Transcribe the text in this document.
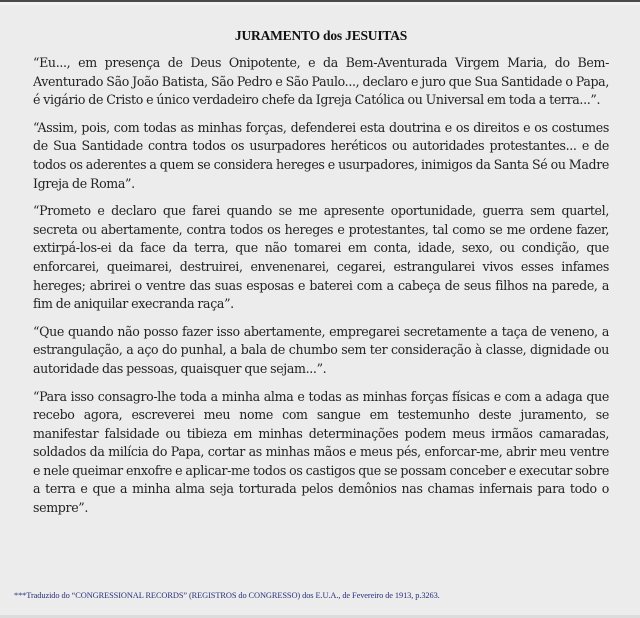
JURAMENTO dos JESUITAS

“Eu..., em presença de Deus Onipotente, e da Bem-Aventurada Virgem Maria, do Bem-Aventurado São João Batista, São Pedro e São Paulo..., declaro e juro que Sua Santidade o Papa, é vigário de Cristo e único verdadeiro chefe da Igreja Católica ou Universal em toda a terra...”.

“Assim, pois, com todas as minhas forças, defenderei esta doutrina e os direitos e os costumes de Sua Santidade contra todos os usurpadores heréticos ou autoridades protestantes... e de todos os aderentes a quem se considera hereges e usurpadores, inimigos da Santa Sé ou Madre Igreja de Roma”.

“Prometo e declaro que farei quando se me apresente oportunidade, guerra sem quartel, secreta ou abertamente, contra todos os hereges e protestantes, tal como se me ordene fazer, extirpá-los-ei da face da terra, que não tomarei em conta, idade, sexo, ou condição, que enforcarei, queimarei, destruirei, envenenarei, cegarei, estrangularei vivos esses infames hereges; abrirei o ventre das suas esposas e baterei com a cabeça de seus filhos na parede, a fim de aniquilar execranda raça”.

“Que quando não posso fazer isso abertamente, empregarei secretamente a taça de veneno, a estrangulação, a aço do punhal, a bala de chumbo sem ter consideração à classe, dignidade ou autoridade das pessoas, quaisquer que sejam...”.

“Para isso consagro-lhe toda a minha alma e todas as minhas forças físicas e com a adaga que recebo agora, escreverei meu nome com sangue em testemunho deste juramento, se manifestar falsidade ou tibieza em minhas determinações podem meus irmãos camaradas, soldados da milícia do Papa, cortar as minhas mãos e meus pés, enforcar-me, abrir meu ventre e nele queimar enxofre e aplicar-me todos os castigos que se possam conceber e executar sobre a terra e que a minha alma seja torturada pelos demônios nas chamas infernais para todo o sempre”.

***Traduzido do “CONGRESSIONAL RECORDS” (REGISTROS do CONGRESSO) dos E.U.A., de Fevereiro de 1913, p.3263.
